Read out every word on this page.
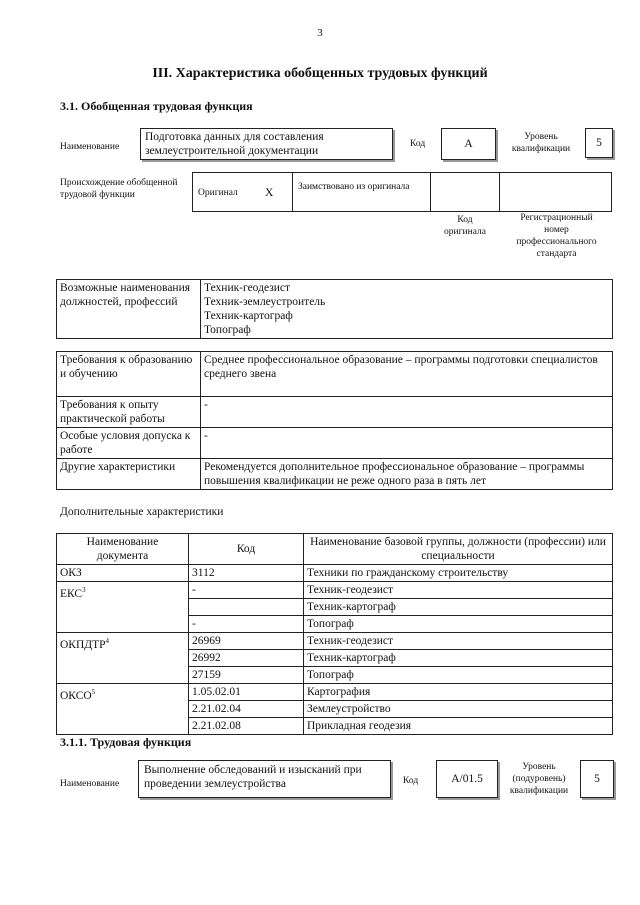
3
III. Характеристика обобщенных трудовых функций
3.1. Обобщенная трудовая функция
Наименование
Подготовка данных для составления землеустроительной документации
Код	А
Уровень квалификации	5
Происхождение обобщенной трудовой функции	Оригинал Х	Заимствовано из оригинала
Код оригинала
Регистрационный номер профессионального стандарта
Возможные наименования должностей, профессий	
Техник-геодезист
Техник-землеустроитель
Техник-картограф
Топограф
Требования к образованию и обучению	Среднее профессиональное образование – программы подготовки специалистов среднего звена
Требования к опыту практической работы	-
Особые условия допуска к работе	-
Другие характеристики	Рекомендуется дополнительное профессиональное образование – программы повышения квалификации не реже одного раза в пять лет
Дополнительные характеристики
Наименование документа	Код	Наименование базовой группы, должности (профессии) или специальности
ОКЗ	3112	Техники по гражданскому строительству
ЕКС$^3$	-	Техник-геодезист
		Техник-картограф
	-	Топограф
ОКПДТР$^4$	26969	Техник-геодезист
	26992	Техник-картограф
	27159	Топограф
ОКСО$^5$	1.05.02.01	Картография
	2.21.02.04	Землеустройство
	2.21.02.08	Прикладная геодезия
3.1.1. Трудовая функция
Наименование
Выполнение обследований и изысканий при проведении землеустройства	Код	А/01.5
Уровень (подуровень) квалификации
5
